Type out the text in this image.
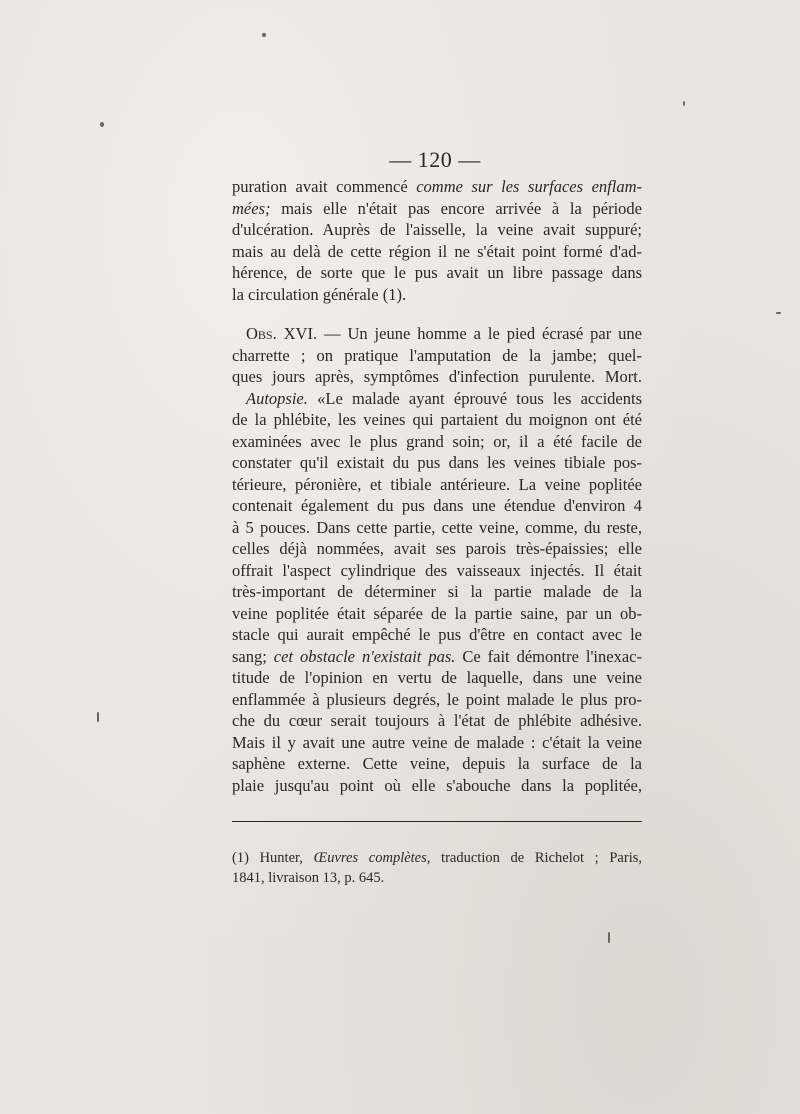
— 120 —
puration avait commencé comme sur les surfaces enflam-
mées; mais elle n'était pas encore arrivée à la période
d'ulcération. Auprès de l'aisselle, la veine avait suppuré;
mais au delà de cette région il ne s'était point formé d'ad-
hérence, de sorte que le pus avait un libre passage dans
la circulation générale (1).
Obs. XVI. — Un jeune homme a le pied écrasé par une
charrette ; on pratique l'amputation de la jambe; quel-
ques jours après, symptômes d'infection purulente. Mort.
Autopsie. «Le malade ayant éprouvé tous les accidents
de la phlébite, les veines qui partaient du moignon ont été
examinées avec le plus grand soin; or, il a été facile de
constater qu'il existait du pus dans les veines tibiale pos-
térieure, péronière, et tibiale antérieure. La veine poplitée
contenait également du pus dans une étendue d'environ 4
à 5 pouces. Dans cette partie, cette veine, comme, du reste,
celles déjà nommées, avait ses parois très-épaissies; elle
offrait l'aspect cylindrique des vaisseaux injectés. Il était
très-important de déterminer si la partie malade de la
veine poplitée était séparée de la partie saine, par un ob-
stacle qui aurait empêché le pus d'être en contact avec le
sang; cet obstacle n'existait pas. Ce fait démontre l'inexac-
titude de l'opinion en vertu de laquelle, dans une veine
enflammée à plusieurs degrés, le point malade le plus pro-
che du cœur serait toujours à l'état de phlébite adhésive.
Mais il y avait une autre veine de malade : c'était la veine
saphène externe. Cette veine, depuis la surface de la
plaie jusqu'au point où elle s'abouche dans la poplitée,
(1) Hunter, Œuvres complètes, traduction de Richelot ; Paris,
1841, livraison 13, p. 645.
